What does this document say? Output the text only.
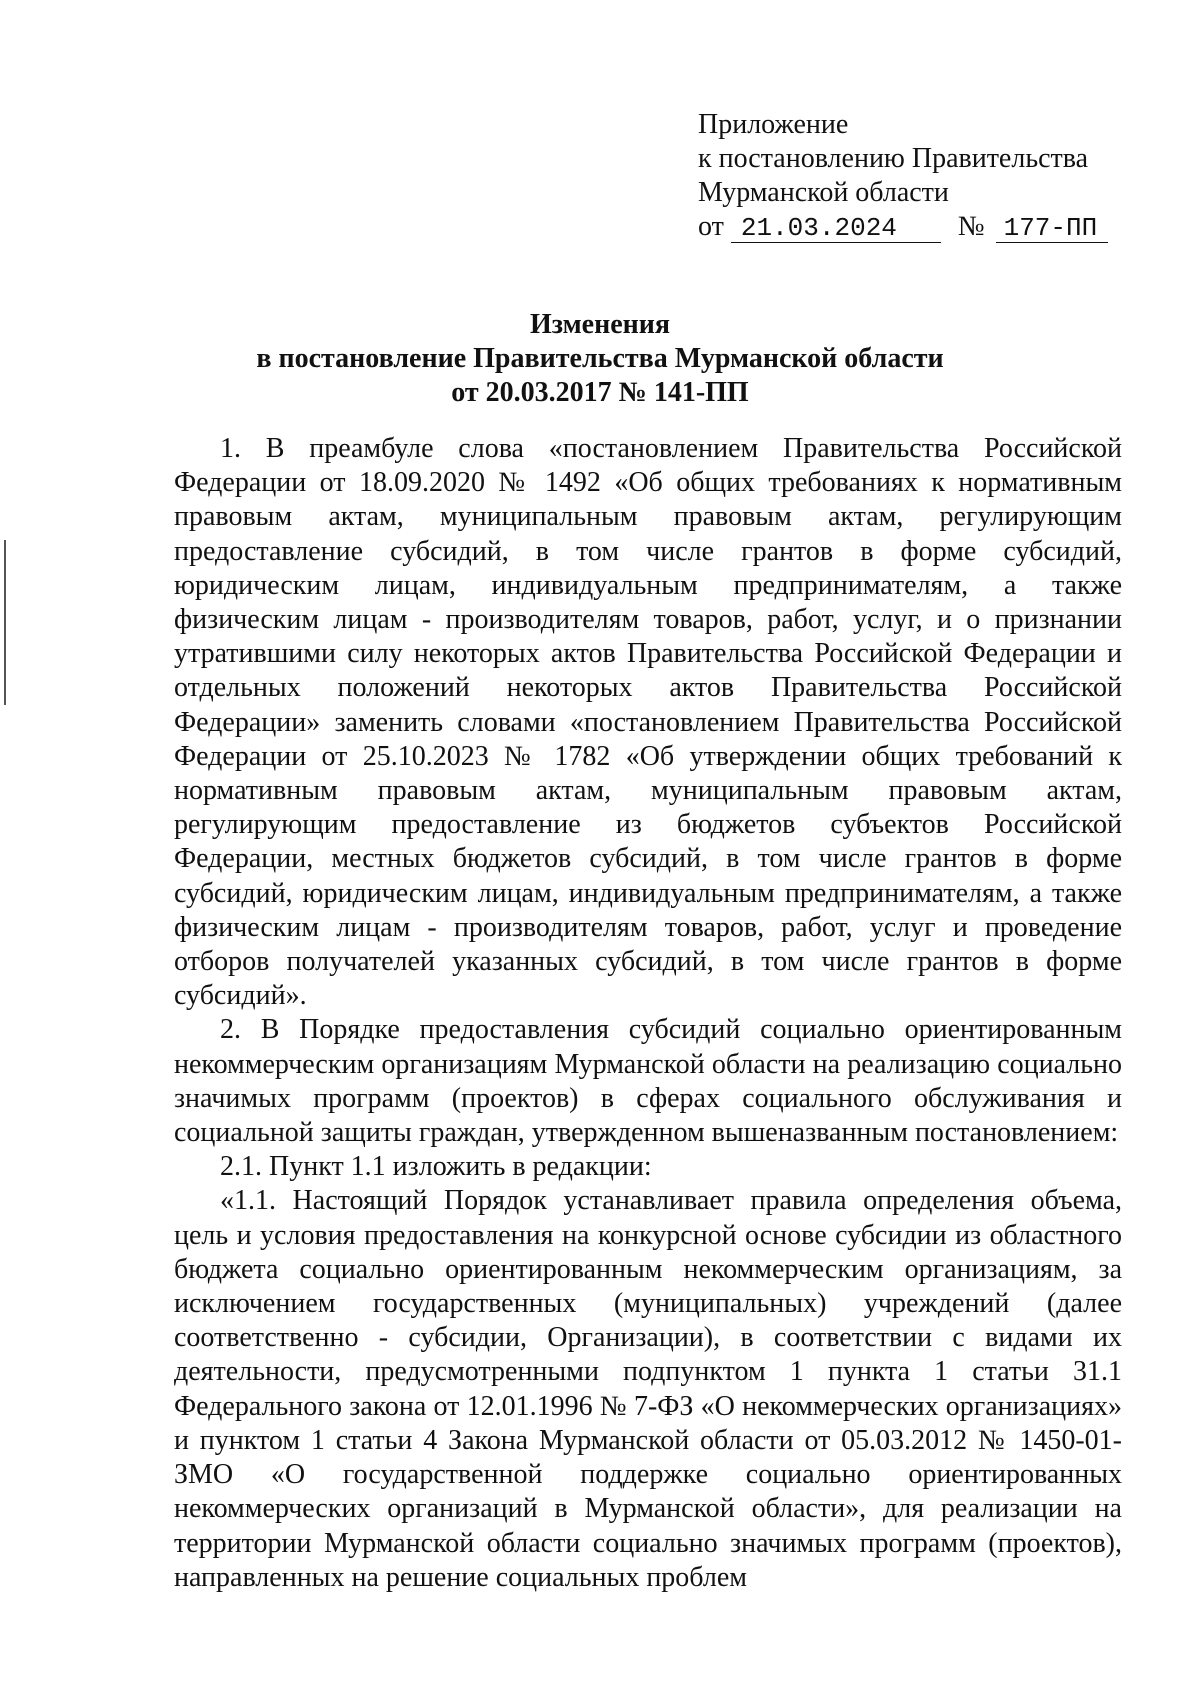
Приложение
к постановлению Правительства
Мурманской области
от 21.03.2024 № 177-ПП
Изменения
в постановление Правительства Мурманской области
от 20.03.2017 № 141-ПП

1. В преамбуле слова «постановлением Правительства Российской Федерации от 18.09.2020 № 1492 «Об общих требованиях к нормативным правовым актам, муниципальным правовым актам, регулирующим предоставление субсидий, в том числе грантов в форме субсидий, юридическим лицам, индивидуальным предпринимателям, а также физическим лицам - производителям товаров, работ, услуг, и о признании утратившими силу некоторых актов Правительства Российской Федерации и отдельных положений некоторых актов Правительства Российской Федерации» заменить словами «постановлением Правительства Российской Федерации от 25.10.2023 № 1782 «Об утверждении общих требований к нормативным правовым актам, муниципальным правовым актам, регулирующим предоставление из бюджетов субъектов Российской Федерации, местных бюджетов субсидий, в том числе грантов в форме субсидий, юридическим лицам, индивидуальным предпринимателям, а также физическим лицам - производителям товаров, работ, услуг и проведение отборов получателей указанных субсидий, в том числе грантов в форме субсидий».

2. В Порядке предоставления субсидий социально ориентированным некоммерческим организациям Мурманской области на реализацию социально значимых программ (проектов) в сферах социального обслуживания и социальной защиты граждан, утвержденном вышеназванным постановлением:

2.1. Пункт 1.1 изложить в редакции:

«1.1. Настоящий Порядок устанавливает правила определения объема, цель и условия предоставления на конкурсной основе субсидии из областного бюджета социально ориентированным некоммерческим организациям, за исключением государственных (муниципальных) учреждений (далее соответственно - субсидии, Организации), в соответствии с видами их деятельности, предусмотренными подпунктом 1 пункта 1 статьи 31.1 Федерального закона от 12.01.1996 № 7-ФЗ «О некоммерческих организациях» и пунктом 1 статьи 4 Закона Мурманской области от 05.03.2012 № 1450-01-ЗМО «О государственной поддержке социально ориентированных некоммерческих организаций в Мурманской области», для реализации на территории Мурманской области социально значимых программ (проектов), направленных на решение социальных проблем
